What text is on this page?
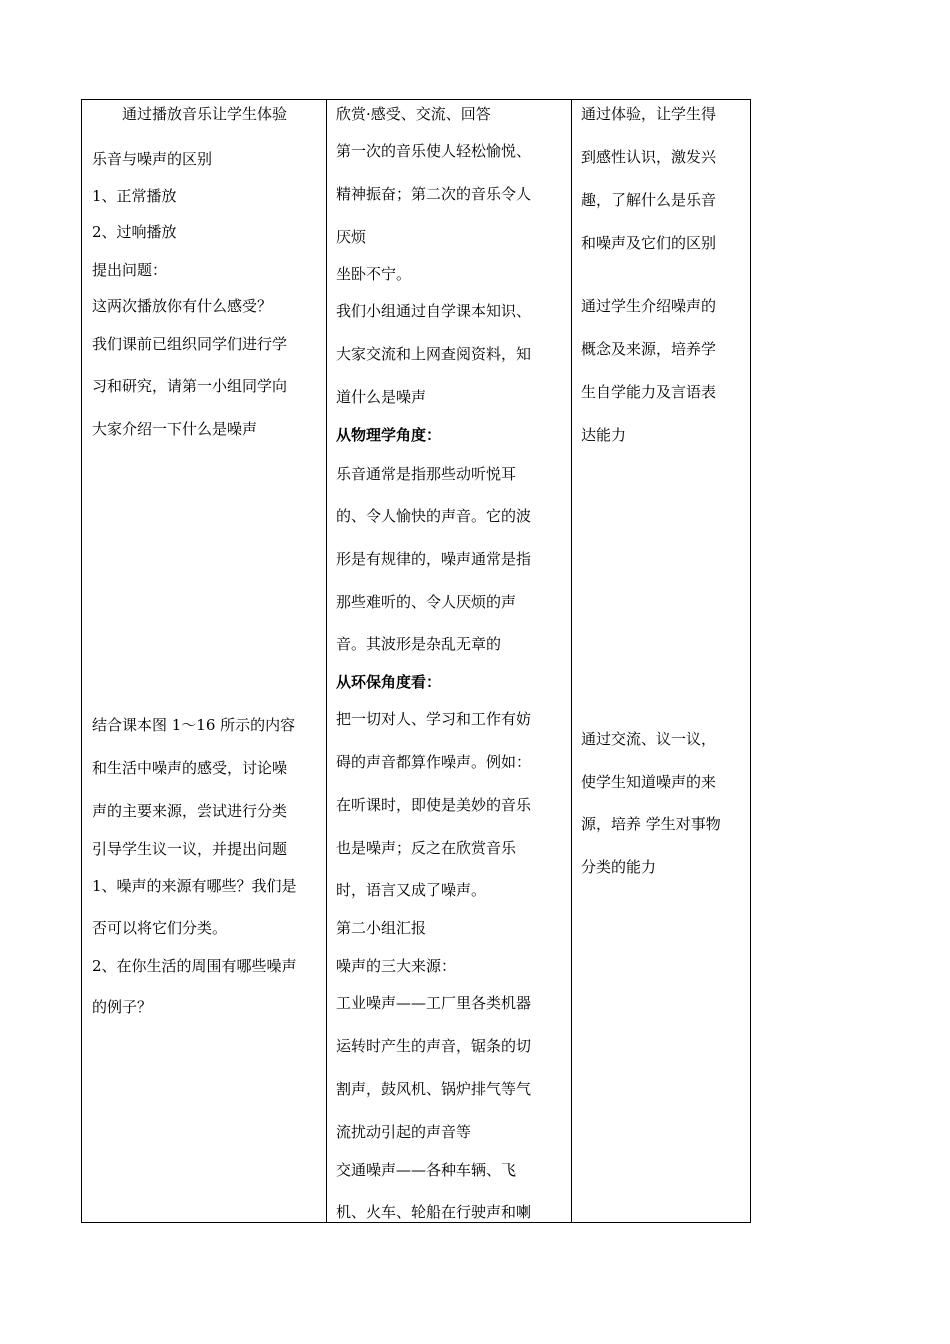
通过播放音乐让学生体验
乐音与噪声的区别
1、正常播放
2、过响播放
提出问题：
这两次播放你有什么感受？
我们课前已组织同学们进行学
习和研究，请第一小组同学向
大家介绍一下什么是噪声
结合课本图 1～16 所示的内容
和生活中噪声的感受，讨论噪
声的主要来源，尝试进行分类
引导学生议一议，并提出问题
1、噪声的来源有哪些？我们是
否可以将它们分类。
2、在你生活的周围有哪些噪声
的例子？
欣赏·感受、交流、回答
第一次的音乐使人轻松愉悦、
精神振奋；第二次的音乐令人
厌烦
坐卧不宁。
我们小组通过自学课本知识、
大家交流和上网查阅资料，知
道什么是噪声
从物理学角度：
乐音通常是指那些动听悦耳
的、令人愉快的声音。它的波
形是有规律的，噪声通常是指
那些难听的、令人厌烦的声
音。其波形是杂乱无章的
从环保角度看：
把一切对人、学习和工作有妨
碍的声音都算作噪声。例如：
在听课时，即使是美妙的音乐
也是噪声；反之在欣赏音乐
时，语言又成了噪声。
第二小组汇报
噪声的三大来源：
工业噪声——工厂里各类机器
运转时产生的声音，锯条的切
割声，鼓风机、锅炉排气等气
流扰动引起的声音等
交通噪声——各种车辆、飞
机、火车、轮船在行驶声和喇
通过体验，让学生得
到感性认识，激发兴
趣，了解什么是乐音
和噪声及它们的区别
通过学生介绍噪声的
概念及来源，培养学
生自学能力及言语表
达能力
通过交流、议一议，
使学生知道噪声的来
源，培养 学生对事物
分类的能力
